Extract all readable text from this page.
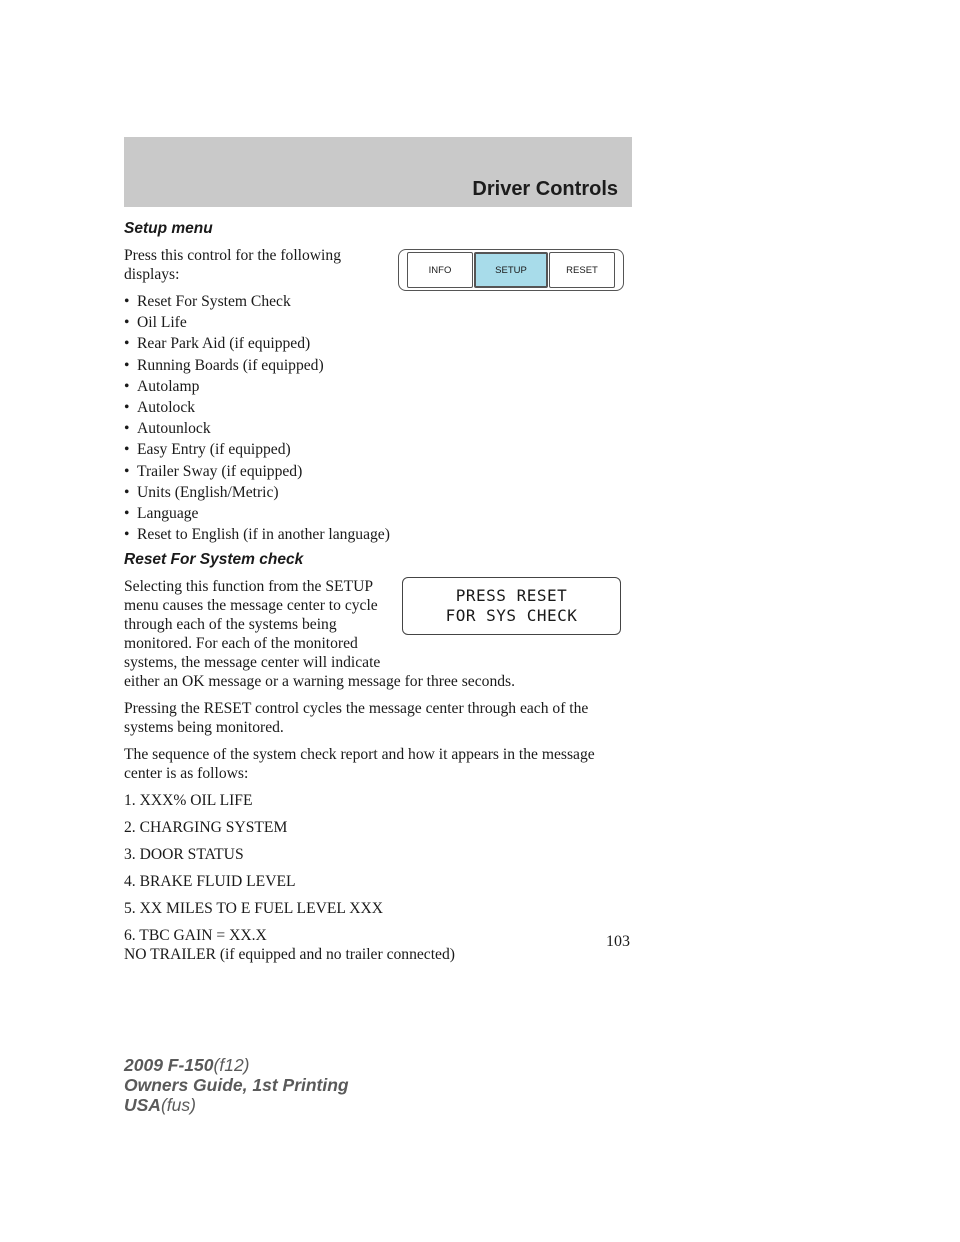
Driver Controls
INFO	SETUP	RESET
PRESS RESET
FOR SYS CHECK
Setup menu

Press this control for the following displays:

• Reset For System Check
• Oil Life
• Rear Park Aid (if equipped)
• Running Boards (if equipped)
• Autolamp
• Autolock
• Autounlock
• Easy Entry (if equipped)
• Trailer Sway (if equipped)
• Units (English/Metric)
• Language
• Reset to English (if in another language)
Reset For System check

Selecting this function from the SETUP menu causes the message center to cycle through each of the systems being monitored. For each of the monitored systems, the message center will indicate either an OK message or a warning message for three seconds.

Pressing the RESET control cycles the message center through each of the systems being monitored.

The sequence of the system check report and how it appears in the message center is as follows:

1. XXX% OIL LIFE

2. CHARGING SYSTEM

3. DOOR STATUS

4. BRAKE FLUID LEVEL

5. XX MILES TO E FUEL LEVEL XXX

6. TBC GAIN = XX.X

NO TRAILER (if equipped and no trailer connected)

103
2009 F-150(f12)
Owners Guide, 1st Printing
USA(fus)
